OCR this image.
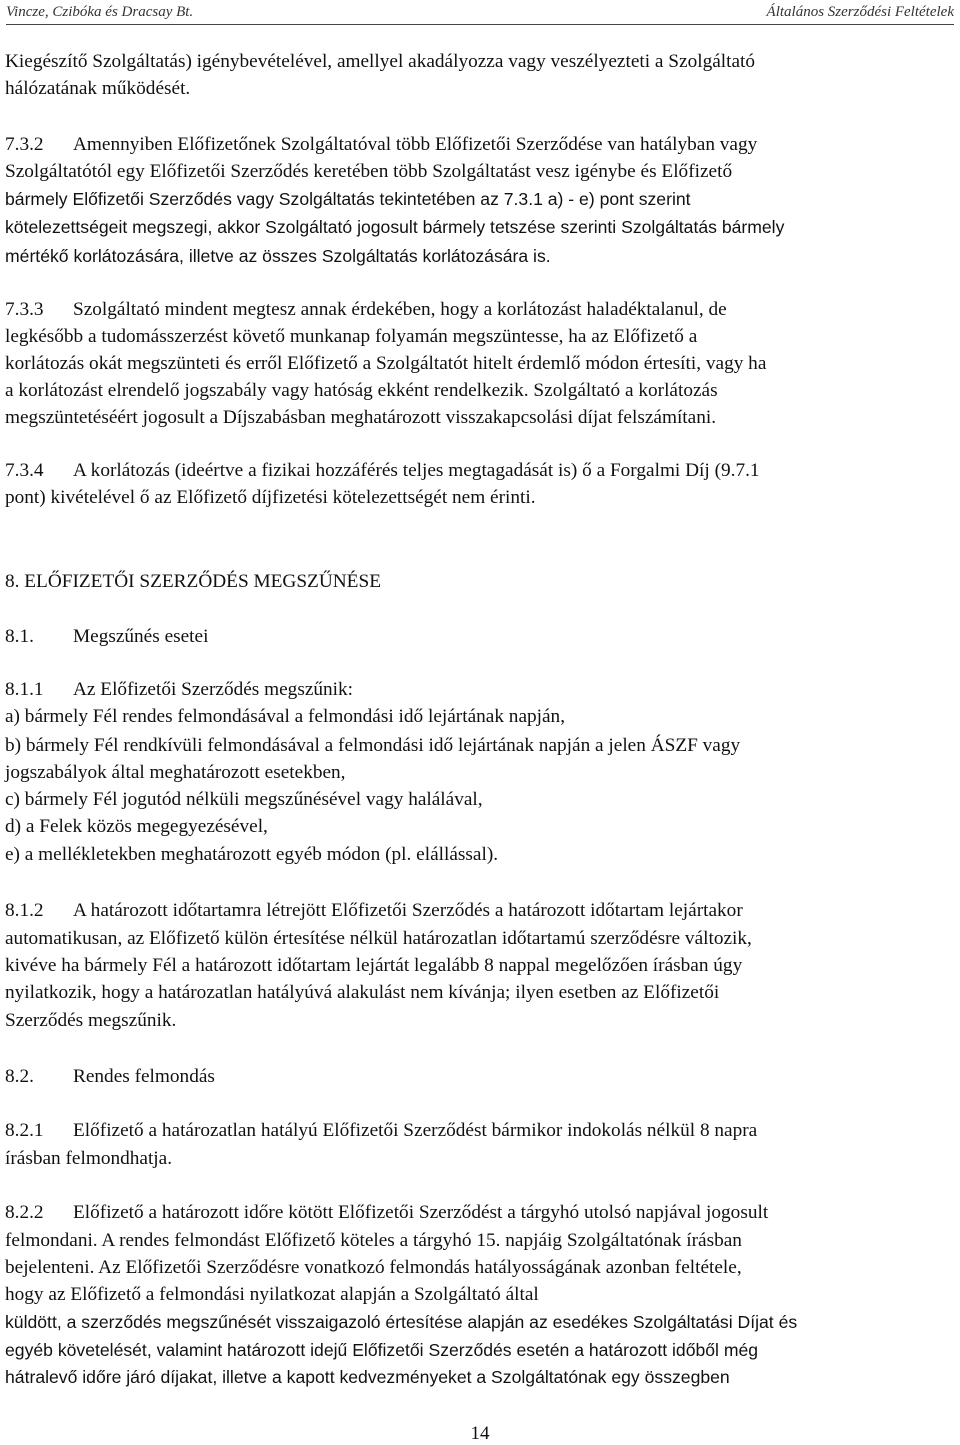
Vincze, Czibóka és Dracsay Bt.	Általános Szerződési Feltételek
Kiegészítő Szolgáltatás) igénybevételével, amellyel akadályozza vagy veszélyezteti a Szolgáltató
hálózatának működését.
7.3.2 Amennyiben Előfizetőnek Szolgáltatóval több Előfizetői Szerződése van hatályban vagy
Szolgáltatótól egy Előfizetői Szerződés keretében több Szolgáltatást vesz igénybe és Előfizető
bármely Előfizetői Szerződés vagy Szolgáltatás tekintetében az 7.3.1 a) - e) pont szerint
kötelezettségeit megszegi, akkor Szolgáltató jogosult bármely tetszése szerinti Szolgáltatás bármely
mértékő korlátozására, illetve az összes Szolgáltatás korlátozására is.
7.3.3 Szolgáltató mindent megtesz annak érdekében, hogy a korlátozást haladéktalanul, de
legkésőbb a tudomásszerzést követő munkanap folyamán megszüntesse, ha az Előfizető a
korlátozás okát megszünteti és erről Előfizető a Szolgáltatót hitelt érdemlő módon értesíti, vagy ha
a korlátozást elrendelő jogszabály vagy hatóság ekként rendelkezik. Szolgáltató a korlátozás
megszüntetéséért jogosult a Díjszabásban meghatározott visszakapcsolási díjat felszámítani.
7.3.4 A korlátozás (ideértve a fizikai hozzáférés teljes megtagadását is) ő a Forgalmi Díj (9.7.1
pont) kivételével ő az Előfizető díjfizetési kötelezettségét nem érinti.
8. ELŐFIZETŐI SZERZŐDÉS MEGSZŰNÉSE
8.1. Megszűnés esetei
8.1.1 Az Előfizetői Szerződés megszűnik:
a) bármely Fél rendes felmondásával a felmondási idő lejártának napján,
b) bármely Fél rendkívüli felmondásával a felmondási idő lejártának napján a jelen ÁSZF vagy
jogszabályok által meghatározott esetekben,
c) bármely Fél jogutód nélküli megszűnésével vagy halálával,
d) a Felek közös megegyezésével,
e) a mellékletekben meghatározott egyéb módon (pl. elállással).
8.1.2 A határozott időtartamra létrejött Előfizetői Szerződés a határozott időtartam lejártakor
automatikusan, az Előfizető külön értesítése nélkül határozatlan időtartamú szerződésre változik,
kivéve ha bármely Fél a határozott időtartam lejártát legalább 8 nappal megelőzően írásban úgy
nyilatkozik, hogy a határozatlan hatályúvá alakulást nem kívánja; ilyen esetben az Előfizetői
Szerződés megszűnik.
8.2. Rendes felmondás
8.2.1 Előfizető a határozatlan hatályú Előfizetői Szerződést bármikor indokolás nélkül 8 napra
írásban felmondhatja.
8.2.2 Előfizető a határozott időre kötött Előfizetői Szerződést a tárgyhó utolsó napjával jogosult
felmondani. A rendes felmondást Előfizető köteles a tárgyhó 15. napjáig Szolgáltatónak írásban
bejelenteni. Az Előfizetői Szerződésre vonatkozó felmondás hatályosságának azonban feltétele,
hogy az Előfizető a felmondási nyilatkozat alapján a Szolgáltató által
küldött, a szerződés megszűnését visszaigazoló értesítése alapján az esedékes Szolgáltatási Díjat és
egyéb követelését, valamint határozott idejű Előfizetői Szerződés esetén a határozott időből még
hátralevő időre járó díjakat, illetve a kapott kedvezményeket a Szolgáltatónak egy összegben
14
